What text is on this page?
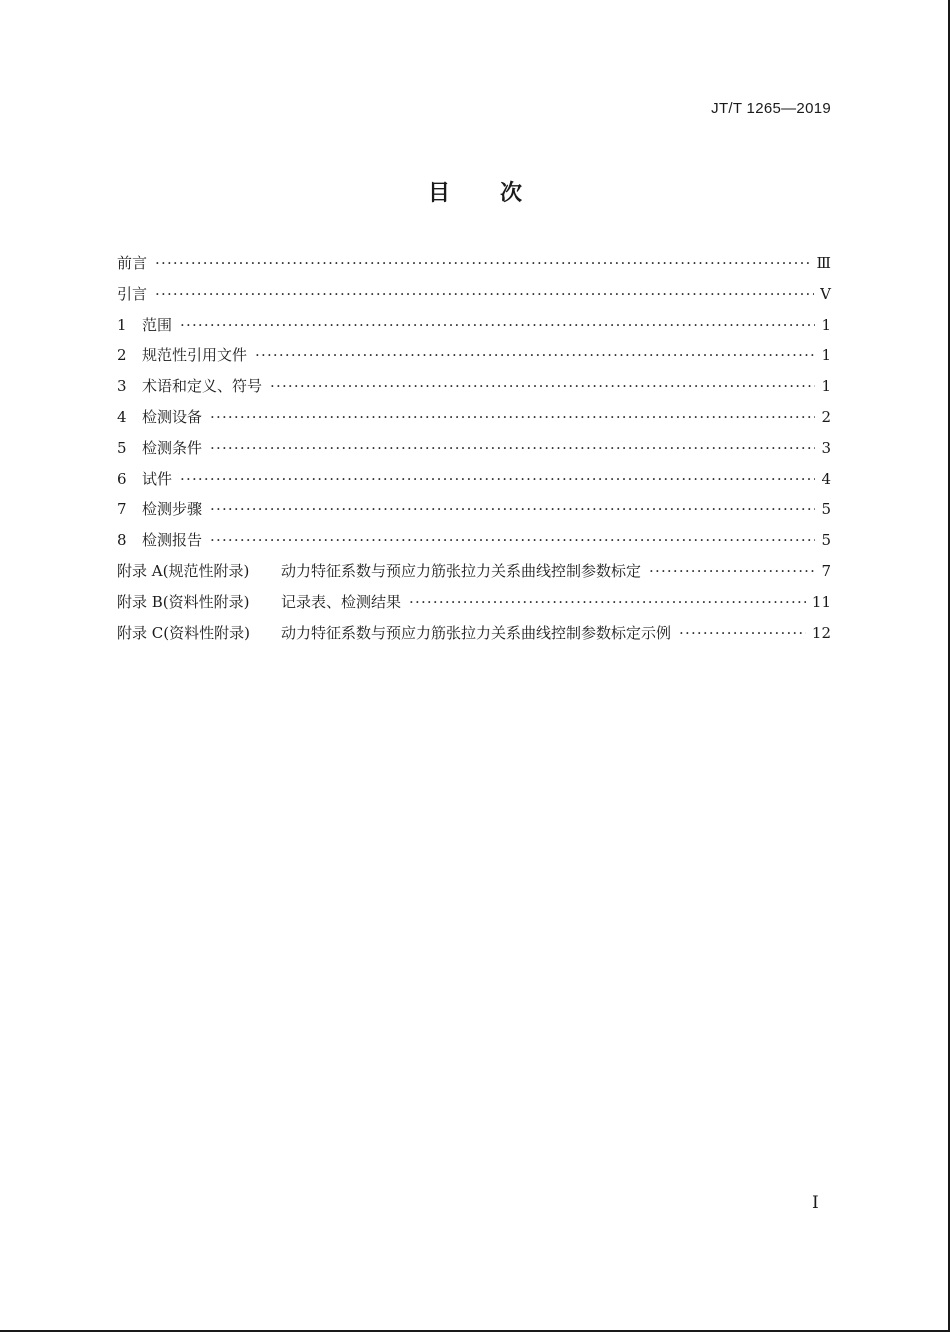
JT/T 1265—2019
目 次
前言 ·····	Ⅲ
引言 ·····	Ⅴ
1	范围 ·····	1
2	规范性引用文件 ·····	1
3	术语和定义、符号 ·····	1
4	检测设备 ·····	2
5	检测条件 ·····	3
6	试件 ·····	4
7	检测步骤 ·····	5
8	检测报告 ·····	5
附录 A(规范性附录)	动力特征系数与预应力筋张拉力关系曲线控制参数标定 ·····	7
附录 B(资料性附录)	记录表、检测结果 ·····	11
附录 C(资料性附录)	动力特征系数与预应力筋张拉力关系曲线控制参数标定示例 ·····	12
I
